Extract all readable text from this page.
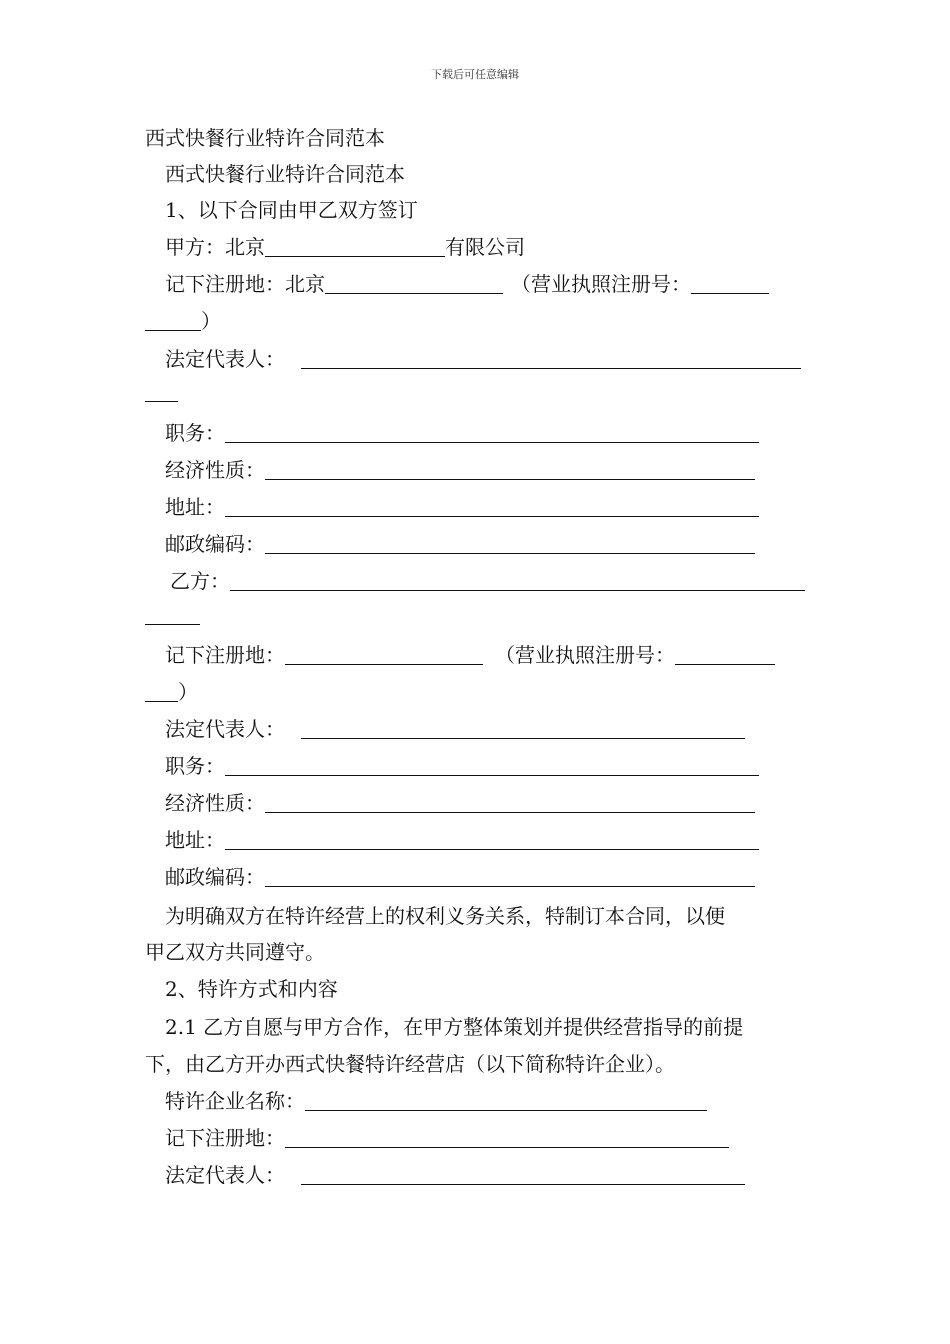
下载后可任意编辑
西式快餐行业特许合同范本
西式快餐行业特许合同范本
1、以下合同由甲乙双方签订
甲方：北京	有限公司
记下注册地：北京	（营业执照注册号：
）
法定代表人：
职务：
经济性质：
地址：
邮政编码：
乙方：
记下注册地：	（营业执照注册号：
）
法定代表人：
职务：
经济性质：
地址：
邮政编码：
为明确双方在特许经营上的权利义务关系，特制订本合同，以便
甲乙双方共同遵守。
2、特许方式和内容
2.1 乙方自愿与甲方合作，在甲方整体策划并提供经营指导的前提
下，由乙方开办西式快餐特许经营店（以下简称特许企业）。
特许企业名称：
记下注册地：
法定代表人：
